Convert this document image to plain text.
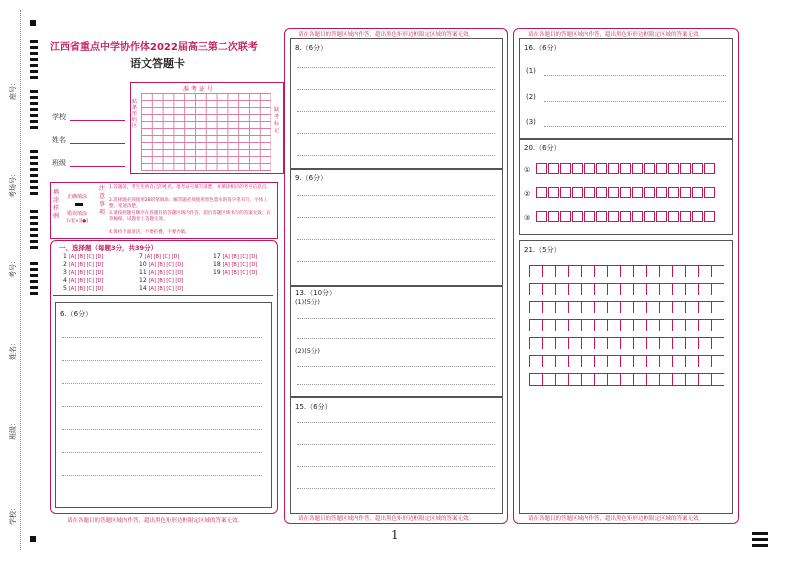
座号：
考场号：
考号：
姓名：
班级：
学校：
江西省重点中学协作体2022届高三第二次联考
语文答题卡
学校
姓名
班级
准 考 证 号
贴条形码区
缺考标记
填涂样例
正确填涂
错误填涂
[√][×][●]
注意事项
1.答题前，考生先将自己的姓名、准考证号填写清楚，并填涂相应的考号信息点。
2.选择题必须使用2B铅笔填涂；解答题必须使用黑色墨水的签字笔书写，字体工整，笔迹清楚。
3.请按照题号顺序在各题目的答题区域内作答，超出答题区域书写的答案无效；在草稿纸、试题卷上答题无效。
4.保持卡面清洁，不要折叠，不要弄破。
一、选择题（每题3分，共39分）
1 [A] [B] [C] [D]
2 [A] [B] [C] [D]
3 [A] [B] [C] [D]
4 [A] [B] [C] [D]
5 [A] [B] [C] [D]
7 [A] [B] [C] [D]
10 [A] [B] [C] [D]
11 [A] [B] [C] [D]
12 [A] [B] [C] [D]
14 [A] [B] [C] [D]
17 [A] [B] [C] [D]
18 [A] [B] [C] [D]
19 [A] [B] [C] [D]
6.（6分）
请在各题目的答题区域内作答，超出黑色矩形边框限定区域的答案无效。
请在各题目的答题区域内作答，超出黑色矩形边框限定区域的答案无效。
8.（6分）
9.（6分）
13.（10分）
(1)(5分)
(2)(5分)
15.（6分）
请在各题目的答题区域内作答，超出黑色矩形边框限定区域的答案无效。
请在各题目的答题区域内作答，超出黑色矩形边框限定区域的答案无效。
16.（6分）
(1)
(2)
(3)
20.（6分）
①
②
③
21.（5分）
请在各题目的答题区域内作答，超出黑色矩形边框限定区域的答案无效。
1
